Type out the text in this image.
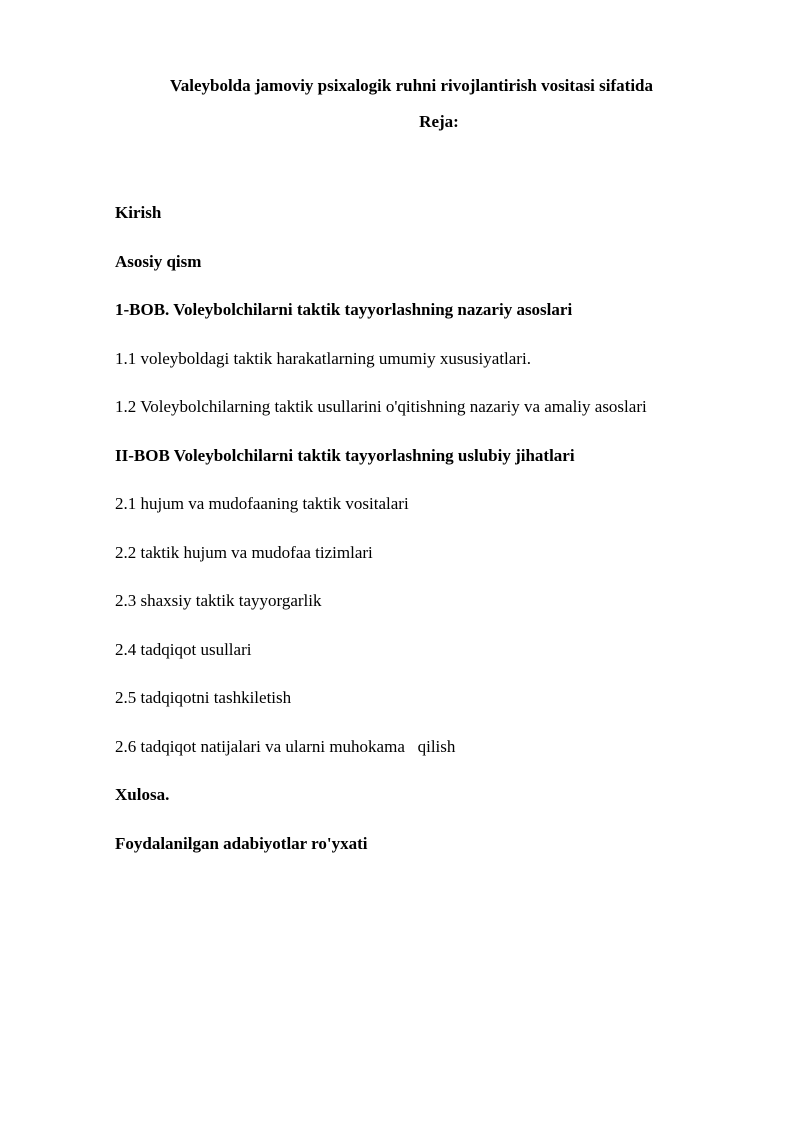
Valeybolda jamoviy psixalogik ruhni rivojlantirish vositasi sifatida
Reja:
Kirish
Asosiy qism
1-BOB. Voleybolchilarni taktik tayyorlashning nazariy asoslari
1.1 voleyboldagi taktik harakatlarning umumiy xususiyatlari.
1.2 Voleybolchilarning taktik usullarini o'qitishning nazariy va amaliy asoslari
II-BOB Voleybolchilarni taktik tayyorlashning uslubiy jihatlari
2.1 hujum va mudofaaning taktik vositalari
2.2 taktik hujum va mudofaa tizimlari
2.3 shaxsiy taktik tayyorgarlik
2.4 tadqiqot usullari
2.5 tadqiqotni tashkiletish
2.6 tadqiqot natijalari va ularni muhokama   qilish
Xulosa.
Foydalanilgan adabiyotlar ro'yxati
